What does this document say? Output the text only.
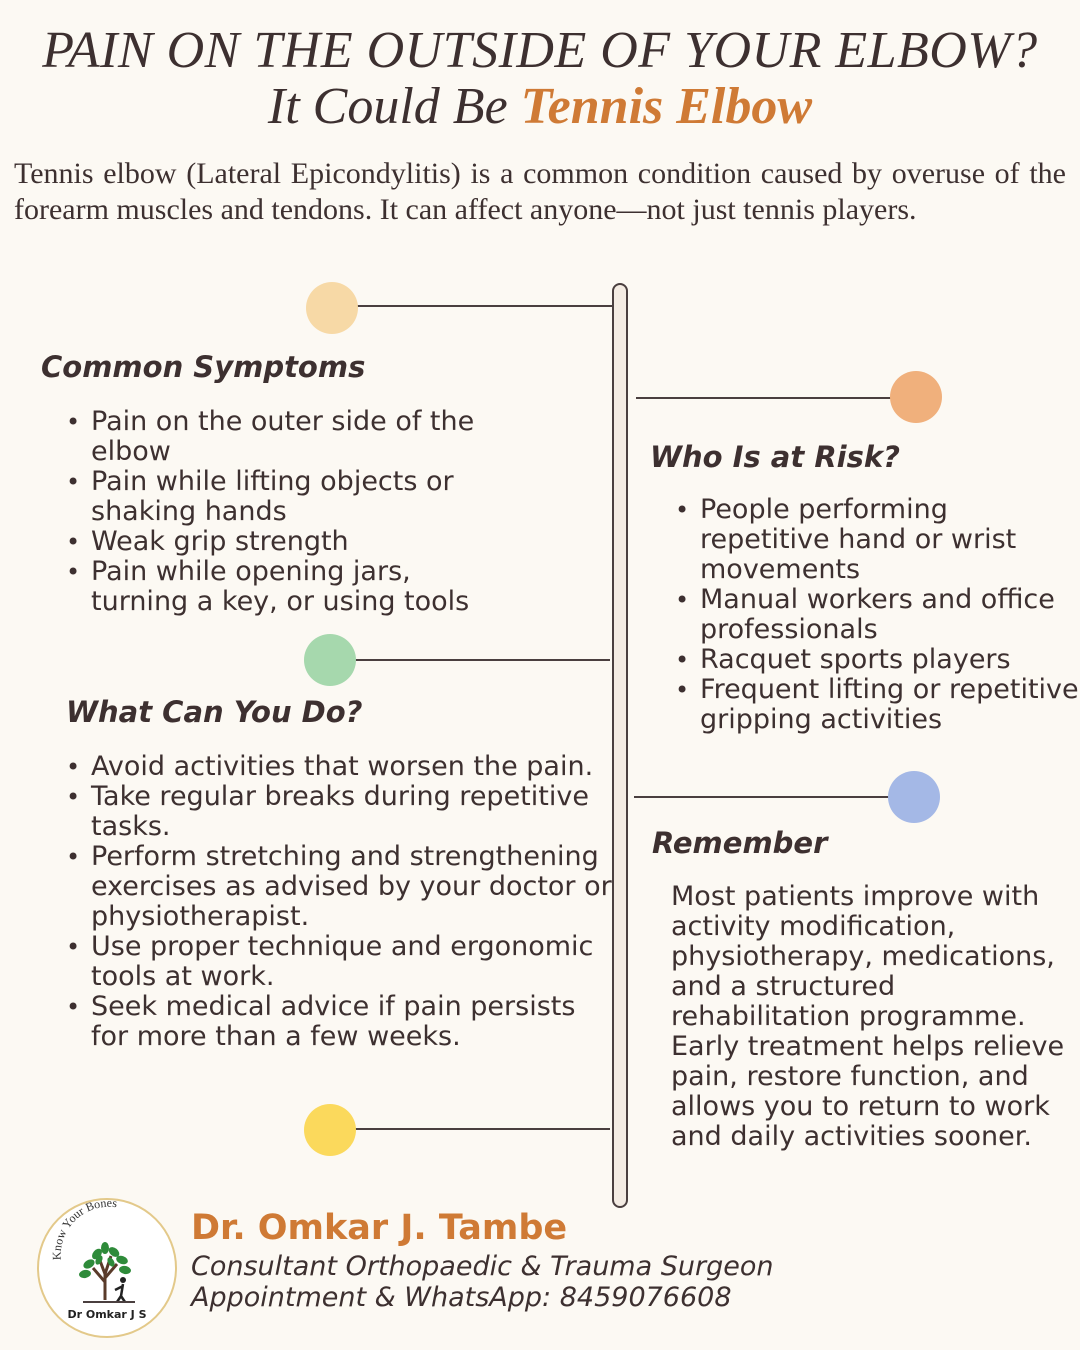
PAIN ON THE OUTSIDE OF YOUR ELBOW?
It Could Be Tennis Elbow
Tennis elbow (Lateral Epicondylitis) is a common condition caused by overuse of the forearm muscles and tendons. It can affect anyone—not just tennis players.
Common Symptoms
• Pain on the outer side of the elbow
• Pain while lifting objects or shaking hands
• Weak grip strength
• Pain while opening jars, turning a key, or using tools
What Can You Do?
• Avoid activities that worsen the pain.
• Take regular breaks during repetitive tasks.
• Perform stretching and strengthening exercises as advised by your doctor or physiotherapist.
• Use proper technique and ergonomic tools at work.
• Seek medical advice if pain persists for more than a few weeks.
Who Is at Risk?
• People performing repetitive hand or wrist movements
• Manual workers and office professionals
• Racquet sports players
• Frequent lifting or repetitive gripping activities
Remember
Most patients improve with activity modification, physiotherapy, medications, and a structured rehabilitation programme. Early treatment helps relieve pain, restore function, and allows you to return to work and daily activities sooner.
Know Your Bones
Dr Omkar J S
Dr. Omkar J. Tambe
Consultant Orthopaedic & Trauma Surgeon
Appointment & WhatsApp: 8459076608
